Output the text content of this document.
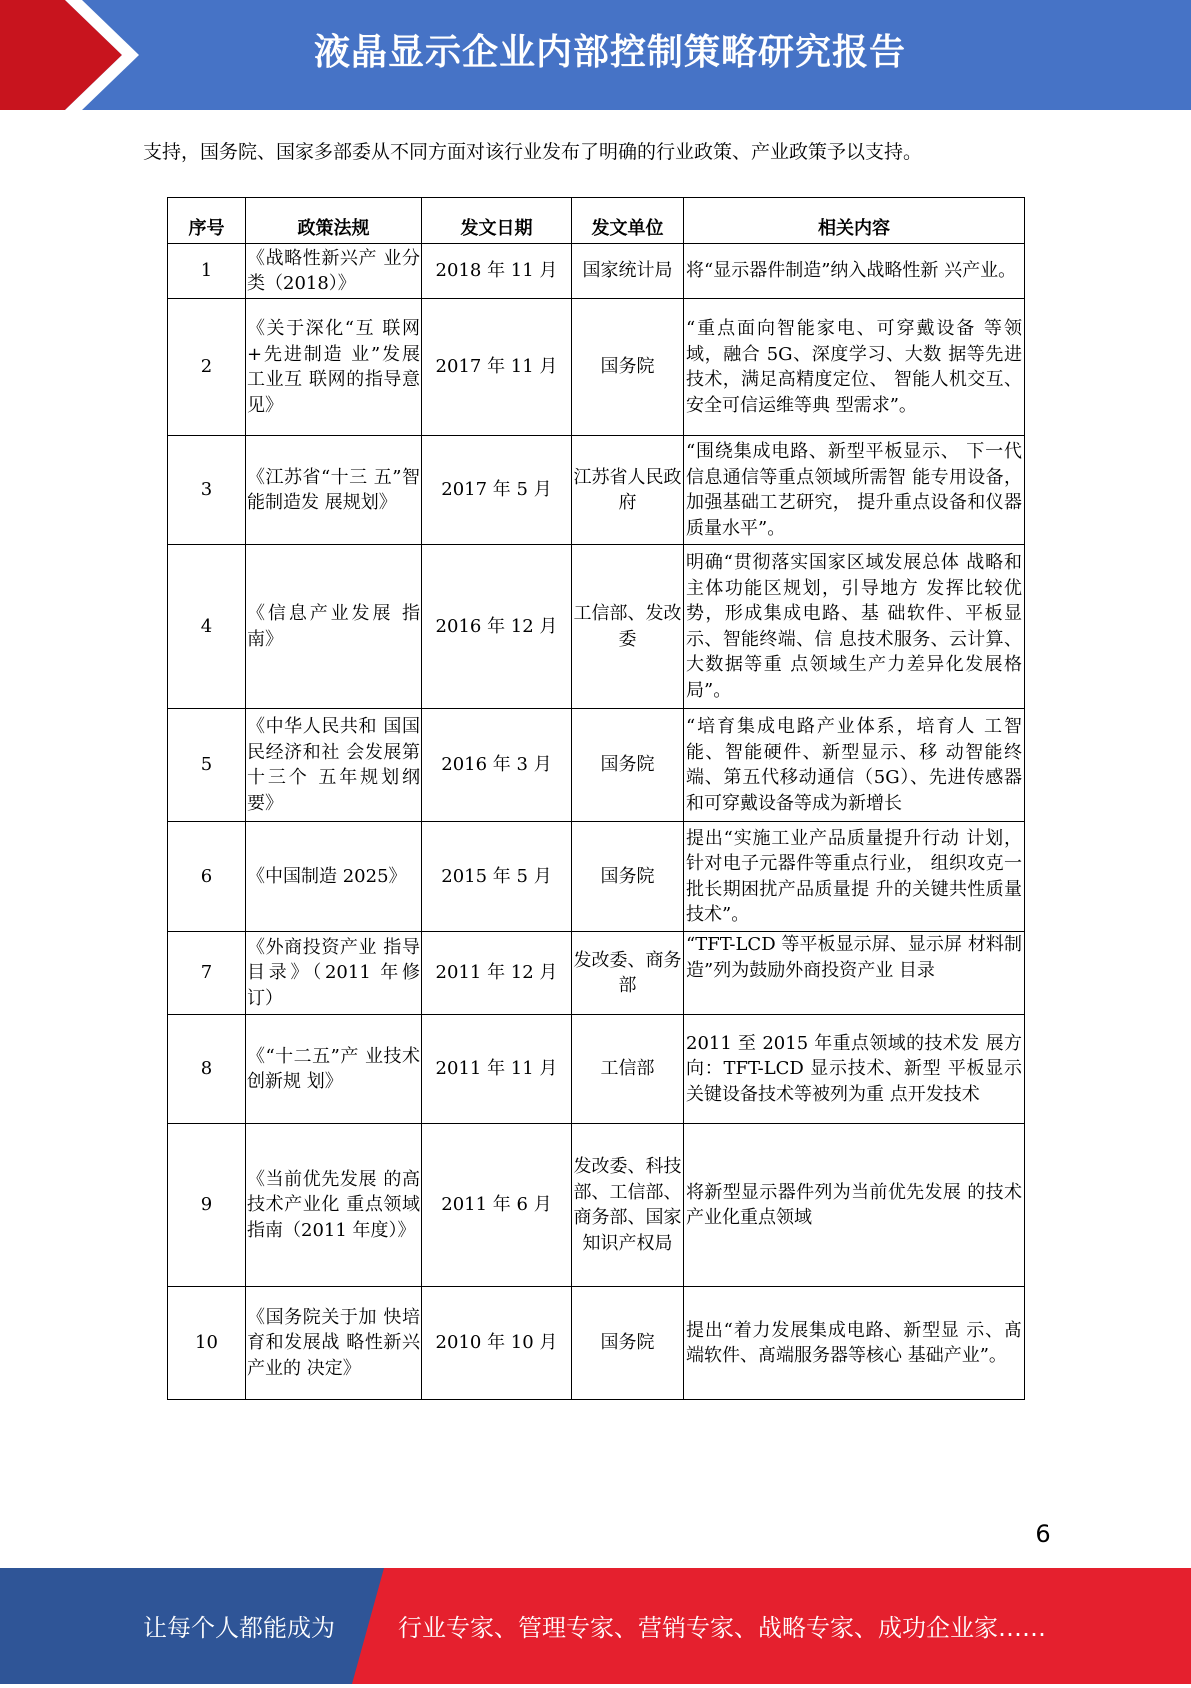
液晶显示企业内部控制策略研究报告
支持，国务院、国家多部委从不同方面对该行业发布了明确的行业政策、产业政策予以支持。
序号	政策法规	发文日期	发文单位	相关内容
1	《战略性新兴产 业分类（2018）》	2018 年 11 月	国家统计局	将“显示器件制造”纳入战略性新 兴产业。
2	《关于深化“互 联网+先进制造 业”发展工业互 联网的指导意 见》	2017 年 11 月	国务院	“重点面向智能家电、可穿戴设备 等领域，融合 5G、深度学习、大数 据等先进技术，满足高精度定位、 智能人机交互、安全可信运维等典 型需求”。
3	《江苏省“十三 五”智能制造发 展规划》	2017 年 5 月	江苏省人民政府	“围绕集成电路、新型平板显示、 下一代信息通信等重点领域所需智 能专用设备，加强基础工艺研究， 提升重点设备和仪器质量水平”。
4	《信息产业发展 指南》	2016 年 12 月	工信部、发改委	明确“贯彻落实国家区域发展总体 战略和主体功能区规划，引导地方 发挥比较优势，形成集成电路、基 础软件、平板显示、智能终端、信 息技术服务、云计算、大数据等重 点领域生产力差异化发展格局”。
5	《中华人民共和 国国民经济和社 会发展第十三个 五年规划纲要》	2016 年 3 月	国务院	“培育集成电路产业体系，培育人 工智能、智能硬件、新型显示、移 动智能终端、第五代移动通信（5G）、先进传感器和可穿戴设备等成为新增长
6	《中国制造 2025》	2015 年 5 月	国务院	提出“实施工业产品质量提升行动 计划，针对电子元器件等重点行业， 组织攻克一批长期困扰产品质量提 升的关键共性质量技术”。
7	《外商投资产业 指导目录》（2011 年修订）	2011 年 12 月	发改委、商务部	“TFT-LCD 等平板显示屏、显示屏 材料制造”列为鼓励外商投资产业 目录
8	《“十二五”产 业技术创新规 划》	2011 年 11 月	工信部	2011 至 2015 年重点领域的技术发 展方向：TFT-LCD 显示技术、新型 平板显示关键设备技术等被列为重 点开发技术
9	《当前优先发展 的高技术产业化 重点领域指南（2011 年度）》	2011 年 6 月	发改委、科技部、工信部、商务部、国家知识产权局	将新型显示器件列为当前优先发展 的技术产业化重点领域
10	《国务院关于加 快培育和发展战 略性新兴产业的 决定》	2010 年 10 月	国务院	提出“着力发展集成电路、新型显 示、髙端软件、髙端服务器等核心 基础产业”。
6
让每个人都能成为	行业专家、管理专家、营销专家、战略专家、成功企业家……
